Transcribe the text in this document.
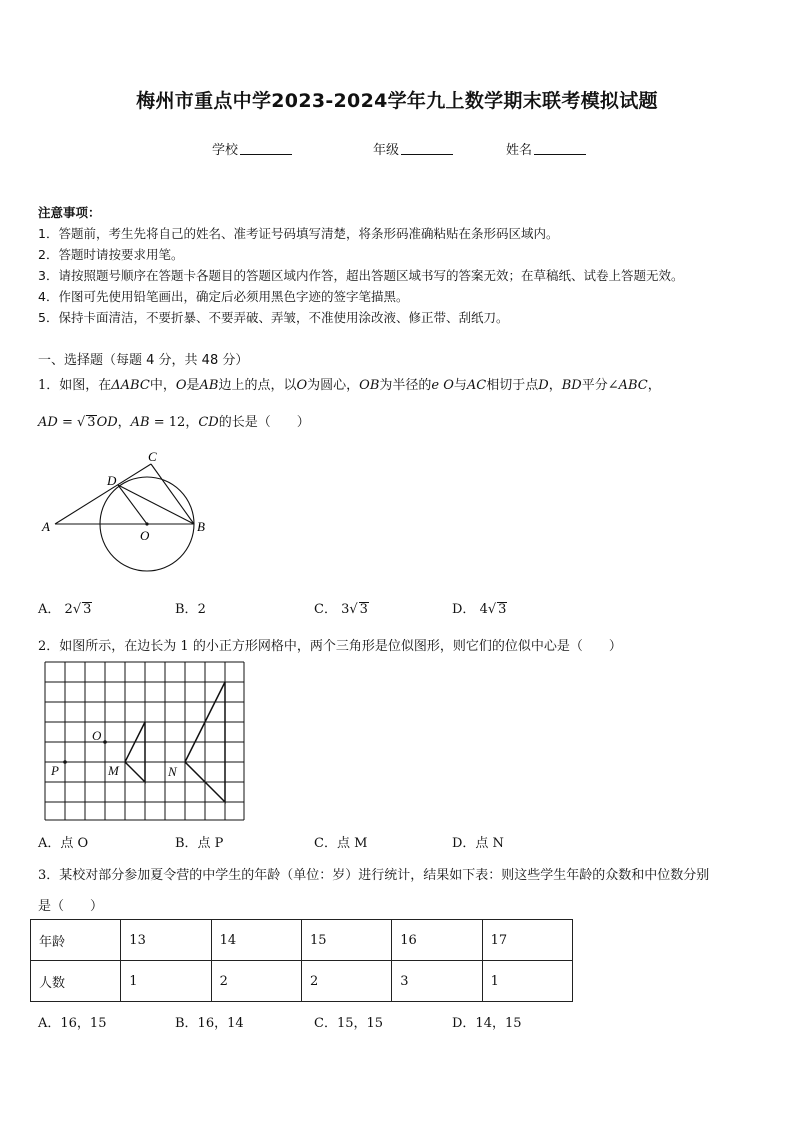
梅州市重点中学2023-2024学年九上数学期末联考模拟试题
学校	年级	姓名
注意事项：
1．答题前，考生先将自己的姓名、准考证号码填写清楚，将条形码准确粘贴在条形码区域内。
2．答题时请按要求用笔。
3．请按照题号顺序在答题卡各题目的答题区域内作答，超出答题区域书写的答案无效；在草稿纸、试卷上答题无效。
4．作图可先使用铅笔画出，确定后必须用黑色字迹的签字笔描黑。
5．保持卡面清洁，不要折暴、不要弄破、弄皱，不准使用涂改液、修正带、刮纸刀。
一、选择题（每题 4 分，共 48 分）
1．如图，在ΔABC中，O是AB边上的点，以O为圆心，OB为半径的e O与AC相切于点D，BD平分∠ABC，
AD = √ 3OD，AB = 12，CD的长是（　　）
A	B
C
D
O
A． 2√ 3	B．2	C． 3√ 3	D． 4√ 3
2．如图所示，在边长为 1 的小正方形网格中，两个三角形是位似图形，则它们的位似中心是（　　）
O
P	M	N
A．点 O	B．点 P	C．点 M	D．点 N
3．某校对部分参加夏令营的中学生的年龄（单位：岁）进行统计，结果如下表：则这些学生年龄的众数和中位数分别
是（　　）
年龄	13	14	15	16	17
人数	1	2	2	3	1
A．16，15	B．16，14	C．15，15	D．14，15
